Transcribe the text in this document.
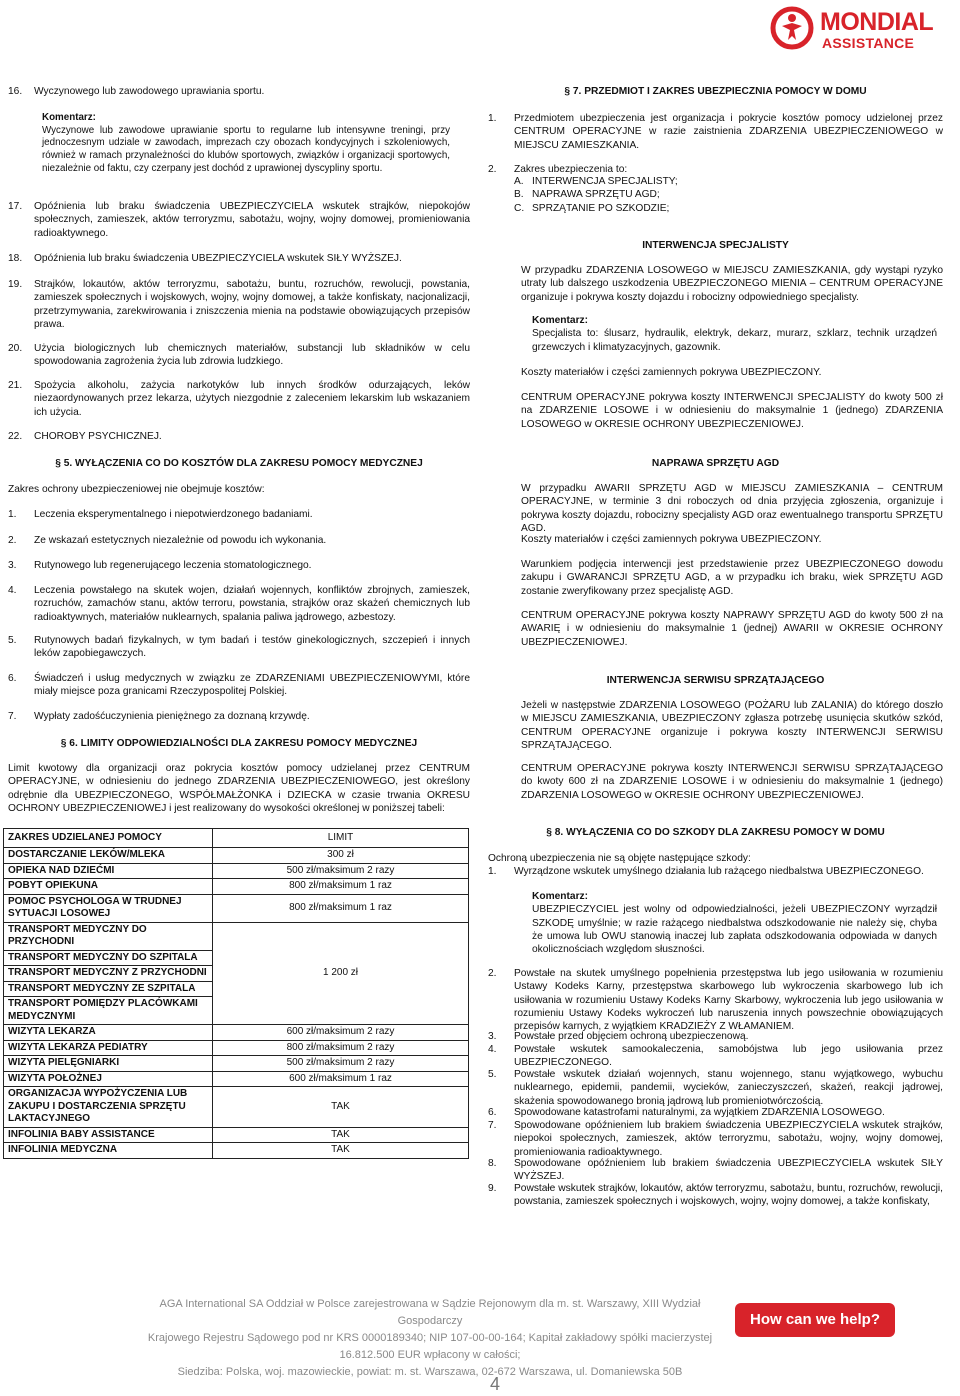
MONDIAL
ASSISTANCE
16.	Wyczynowego lub zawodowego uprawiania sportu.
Komentarz:
Wyczynowe lub zawodowe uprawianie sportu to regularne lub intensywne treningi, przy jednoczesnym udziale w zawodach, imprezach czy obozach kondycyjnych i szkoleniowych, również w ramach przynależności do klubów sportowych, związków i organizacji sportowych, niezależnie od faktu, czy czerpany jest dochód z uprawionej dyscypliny sportu.
17.	Opóźnienia lub braku świadczenia UBEZPIECZYCIELA wskutek strajków, niepokojów społecznych, zamieszek, aktów terroryzmu, sabotażu, wojny, wojny domowej, promieniowania radioaktywnego.
18.	Opóźnienia lub braku świadczenia UBEZPIECZYCIELA wskutek SIŁY WYŻSZEJ.
19.	Strajków, lokautów, aktów terroryzmu, sabotażu, buntu, rozruchów, rewolucji, powstania, zamieszek społecznych i wojskowych, wojny, wojny domowej, a także konfiskaty, nacjonalizacji, przetrzymywania, zarekwirowania i zniszczenia mienia na podstawie obowiązujących przepisów prawa.
20.	Użycia biologicznych lub chemicznych materiałów, substancji lub składników w celu spowodowania zagrożenia życia lub zdrowia ludzkiego.
21.	Spożycia alkoholu, zażycia narkotyków lub innych środków odurzających, leków niezaordynowanych przez lekarza, użytych niezgodnie z zaleceniem lekarskim lub wskazaniem ich użycia.
22.	CHOROBY PSYCHICZNEJ.
§ 5. WYŁĄCZENIA CO DO KOSZTÓW DLA ZAKRESU POMOCY MEDYCZNEJ
Zakres ochrony ubezpieczeniowej nie obejmuje kosztów:
1.	Leczenia eksperymentalnego i niepotwierdzonego badaniami.
2.	Ze wskazań estetycznych niezależnie od powodu ich wykonania.
3.	Rutynowego lub regenerującego leczenia stomatologicznego.
4.	Leczenia powstałego na skutek wojen, działań wojennych, konfliktów zbrojnych, zamieszek, rozruchów, zamachów stanu, aktów terroru, powstania, strajków oraz skażeń chemicznych lub radioaktywnych, materiałów nuklearnych, spalania paliwa jądrowego, azbestozy.
5.	Rutynowych badań fizykalnych, w tym badań i testów ginekologicznych, szczepień i innych leków zapobiegawczych.
6.	Świadczeń i usług medycznych w związku ze ZDARZENIAMI UBEZPIECZENIOWYMI, które miały miejsce poza granicami Rzeczypospolitej Polskiej.
7.	Wypłaty zadośćuczynienia pieniężnego za doznaną krzywdę.
§ 6. LIMITY ODPOWIEDZIALNOŚCI DLA ZAKRESU POMOCY MEDYCZNEJ
Limit kwotowy dla organizacji oraz pokrycia kosztów pomocy udzielanej przez CENTRUM OPERACYJNE, w odniesieniu do jednego ZDARZENIA UBEZPIECZENIOWEGO, jest określony odrębnie dla UBEZPIECZONEGO, WSPÓŁMAŁŻONKA i DZIECKA w czasie trwania OKRESU OCHRONY UBEZPIECZENIOWEJ i jest realizowany do wysokości określonej w poniższej tabeli:
ZAKRES UDZIELANEJ POMOCY	LIMIT
DOSTARCZANIE LEKÓW/MLEKA	300 zł
OPIEKA NAD DZIEĆMI	500 zł/maksimum 2 razy
POBYT OPIEKUNA	800 zł/maksimum 1 raz
POMOC PSYCHOLOGA W TRUDNEJ SYTUACJI LOSOWEJ	800 zł/maksimum 1 raz
TRANSPORT MEDYCZNY DO PRZYCHODNI	1 200 zł
TRANSPORT MEDYCZNY DO SZPITALA	
TRANSPORT MEDYCZNY Z PRZYCHODNI	
TRANSPORT MEDYCZNY ZE SZPITALA	
TRANSPORT POMIĘDZY PLACÓWKAMI MEDYCZNYMI	
WIZYTA LEKARZA	600 zł/maksimum 2 razy
WIZYTA LEKARZA PEDIATRY	800 zł/maksimum 2 razy
WIZYTA PIELĘGNIARKI	500 zł/maksimum 2 razy
WIZYTA POŁOŻNEJ	600 zł/maksimum 1 raz
ORGANIZACJA WYPOŻYCZENIA LUB ZAKUPU I DOSTARCZENIA SPRZĘTU LAKTACYJNEGO	TAK
INFOLINIA BABY ASSISTANCE	TAK
INFOLINIA MEDYCZNA	TAK
§ 7. PRZEDMIOT I ZAKRES UBEZPIECZNIA POMOCY W DOMU
1.	Przedmiotem ubezpieczenia jest organizacja i pokrycie kosztów pomocy udzielonej przez CENTRUM OPERACYJNE w razie zaistnienia ZDARZENIA UBEZPIECZENIOWEGO w MIEJSCU ZAMIESZKANIA.
2.	Zakres ubezpieczenia to:
A. INTERWENCJA SPECJALISTY;
B. NAPRAWA SPRZĘTU AGD;
C. SPRZĄTANIE PO SZKODZIE;
INTERWENCJA SPECJALISTY
W przypadku ZDARZENIA LOSOWEGO w MIEJSCU ZAMIESZKANIA, gdy wystąpi ryzyko utraty lub dalszego uszkodzenia UBEZPIECZONEGO MIENIA – CENTRUM OPERACYJNE organizuje i pokrywa koszty dojazdu i robocizny odpowiedniego specjalisty.
Komentarz:
Specjalista to: ślusarz, hydraulik, elektryk, dekarz, murarz, szklarz, technik urządzeń grzewczych i klimatyzacyjnych, gazownik.
Koszty materiałów i części zamiennych pokrywa UBEZPIECZONY.
CENTRUM OPERACYJNE pokrywa koszty INTERWENCJI SPECJALISTY do kwoty 500 zł na ZDARZENIE LOSOWE i w odniesieniu do maksymalnie 1 (jednego) ZDARZENIA LOSOWEGO w OKRESIE OCHRONY UBEZPIECZENIOWEJ.
NAPRAWA SPRZĘTU AGD
W przypadku AWARII SPRZĘTU AGD w MIEJSCU ZAMIESZKANIA – CENTRUM OPERACYJNE, w terminie 3 dni roboczych od dnia przyjęcia zgłoszenia, organizuje i pokrywa koszty dojazdu, robocizny specjalisty AGD oraz ewentualnego transportu SPRZĘTU AGD.
Koszty materiałów i części zamiennych pokrywa UBEZPIECZONY.
Warunkiem podjęcia interwencji jest przedstawienie przez UBEZPIECZONEGO dowodu zakupu i GWARANCJI SPRZĘTU AGD, a w przypadku ich braku, wiek SPRZĘTU AGD zostanie zweryfikowany przez specjalistę AGD.
CENTRUM OPERACYJNE pokrywa koszty NAPRAWY SPRZĘTU AGD do kwoty 500 zł na AWARIĘ i w odniesieniu do maksymalnie 1 (jednej) AWARII w OKRESIE OCHRONY UBEZPIECZENIOWEJ.
INTERWENCJA SERWISU SPRZĄTAJĄCEGO
Jeżeli w następstwie ZDARZENIA LOSOWEGO (POŻARU lub ZALANIA) do którego doszło w MIEJSCU ZAMIESZKANIA, UBEZPIECZONY zgłasza potrzebę usunięcia skutków szkód, CENTRUM OPERACYJNE organizuje i pokrywa koszty INTERWENCJI SERWISU SPRZĄTAJĄCEGO.
CENTRUM OPERACYJNE pokrywa koszty INTERWENCJI SERWISU SPRZĄTAJĄCEGO do kwoty 600 zł na ZDARZENIE LOSOWE i w odniesieniu do maksymalnie 1 (jednego) ZDARZENIA LOSOWEGO w OKRESIE OCHRONY UBEZPIECZENIOWEJ.
§ 8. WYŁĄCZENIA CO DO SZKODY DLA ZAKRESU POMOCY W DOMU
Ochroną ubezpieczenia nie są objęte następujące szkody:
1.	Wyrządzone wskutek umyślnego działania lub rażącego niedbalstwa UBEZPIECZONEGO.
Komentarz:
UBEZPIECZYCIEL jest wolny od odpowiedzialności, jeżeli UBEZPIECZONY wyrządził SZKODĘ umyślnie; w razie rażącego niedbalstwa odszkodowanie nie należy się, chyba że umowa lub OWU stanowią inaczej lub zapłata odszkodowania odpowiada w danych okolicznościach względom słuszności.
2.	Powstałe na skutek umyślnego popełnienia przestępstwa lub jego usiłowania w rozumieniu Ustawy Kodeks Karny, przestępstwa skarbowego lub wykroczenia skarbowego lub ich usiłowania w rozumieniu Ustawy Kodeks Karny Skarbowy, wykroczenia lub jego usiłowania w rozumieniu Ustawy Kodeks wykroczeń lub naruszenia innych powszechnie obowiązujących przepisów karnych, z wyjątkiem KRADZIEŻY Z WŁAMANIEM.
3.	Powstałe przed objęciem ochroną ubezpieczenową.
4.	Powstałe wskutek samookaleczenia, samobójstwa lub jego usiłowania przez UBEZPIECZONEGO.
5.	Powstałe wskutek działań wojennych, stanu wojennego, stanu wyjątkowego, wybuchu nuklearnego, epidemii, pandemii, wycieków, zanieczyszczeń, skażeń, reakcji jądrowej, skażenia spowodowanego bronią jądrową lub promieniotwórczością.
6.	Spowodowane katastrofami naturalnymi, za wyjątkiem ZDARZENIA LOSOWEGO.
7.	Spowodowane opóźnieniem lub brakiem świadczenia UBEZPIECZYCIELA wskutek strajków, niepokoi społecznych, zamieszek, aktów terroryzmu, sabotażu, wojny, wojny domowej, promieniowania radioaktywnego.
8.	Spowodowane opóźnieniem lub brakiem świadczenia UBEZPIECZYCIELA wskutek SIŁY WYŻSZEJ.
9.	Powstałe wskutek strajków, lokautów, aktów terroryzmu, sabotażu, buntu, rozruchów, rewolucji, powstania, zamieszek społecznych i wojskowych, wojny, wojny domowej, a także konfiskaty,
AGA International SA Oddział w Polsce zarejestrowana w Sądzie Rejonowym dla m. st. Warszawy, XIII Wydział Gospodarczy
Krajowego Rejestru Sądowego pod nr KRS 0000189340; NIP 107-00-00-164; Kapitał zakładowy spółki macierzystej 16.812.500 EUR wpłacony w całości;
Siedziba: Polska, woj. mazowieckie, powiat: m. st. Warszawa, 02-672 Warszawa, ul. Domaniewska 50B
How can we help?
4
